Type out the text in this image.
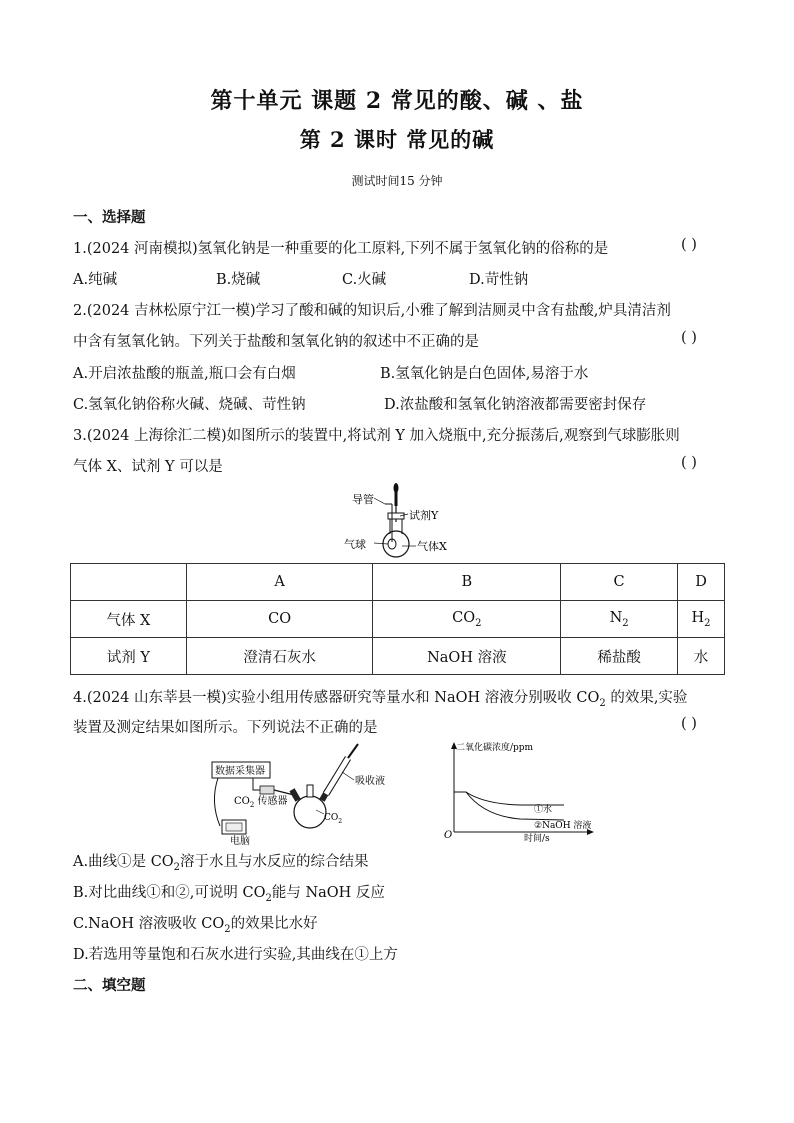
第十单元 课题 2 常见的酸、碱 、盐
第 2 课时 常见的碱
测试时间15 分钟
一、选择题
1.(2024 河南模拟)氢氧化钠是一种重要的化工原料,下列不属于氢氧化钠的俗称的是	( )
A.纯碱	B.烧碱	C.火碱	D.苛性钠
2.(2024 吉林松原宁江一模)学习了酸和碱的知识后,小雅了解到洁厕灵中含有盐酸,炉具清洁剂
中含有氢氧化钠。下列关于盐酸和氢氧化钠的叙述中不正确的是	( )
A.开启浓盐酸的瓶盖,瓶口会有白烟	B.氢氧化钠是白色固体,易溶于水
C.氢氧化钠俗称火碱、烧碱、苛性钠	D.浓盐酸和氢氧化钠溶液都需要密封保存
3.(2024 上海徐汇二模)如图所示的装置中,将试剂 Y 加入烧瓶中,充分振荡后,观察到气球膨胀则
气体 X、试剂 Y 可以是	( )
导管
试剂Y
气球	气体X
	A	B	C	D
气体 X	CO	$CO_2$	$N_2$	$H_2$
试剂 Y	澄清石灰水	NaOH 溶液	稀盐酸	水
4.(2024 山东莘县一模)实验小组用传感器研究等量水和 NaOH 溶液分别吸收 $CO_2$ 的效果,实验
装置及测定结果如图所示。下列说法不正确的是	( )
数据采集器
$CO_2$ 传感器
电脑
吸收液
$CO_2$
二氧化碳浓度/ppm
时间/s
O
①水
②NaOH 溶液
A.曲线①是 $CO_2$溶于水且与水反应的综合结果
B.对比曲线①和②,可说明 $CO_2$能与 NaOH 反应
C.NaOH 溶液吸收 $CO_2$的效果比水好
D.若选用等量饱和石灰水进行实验,其曲线在①上方
二、填空题
